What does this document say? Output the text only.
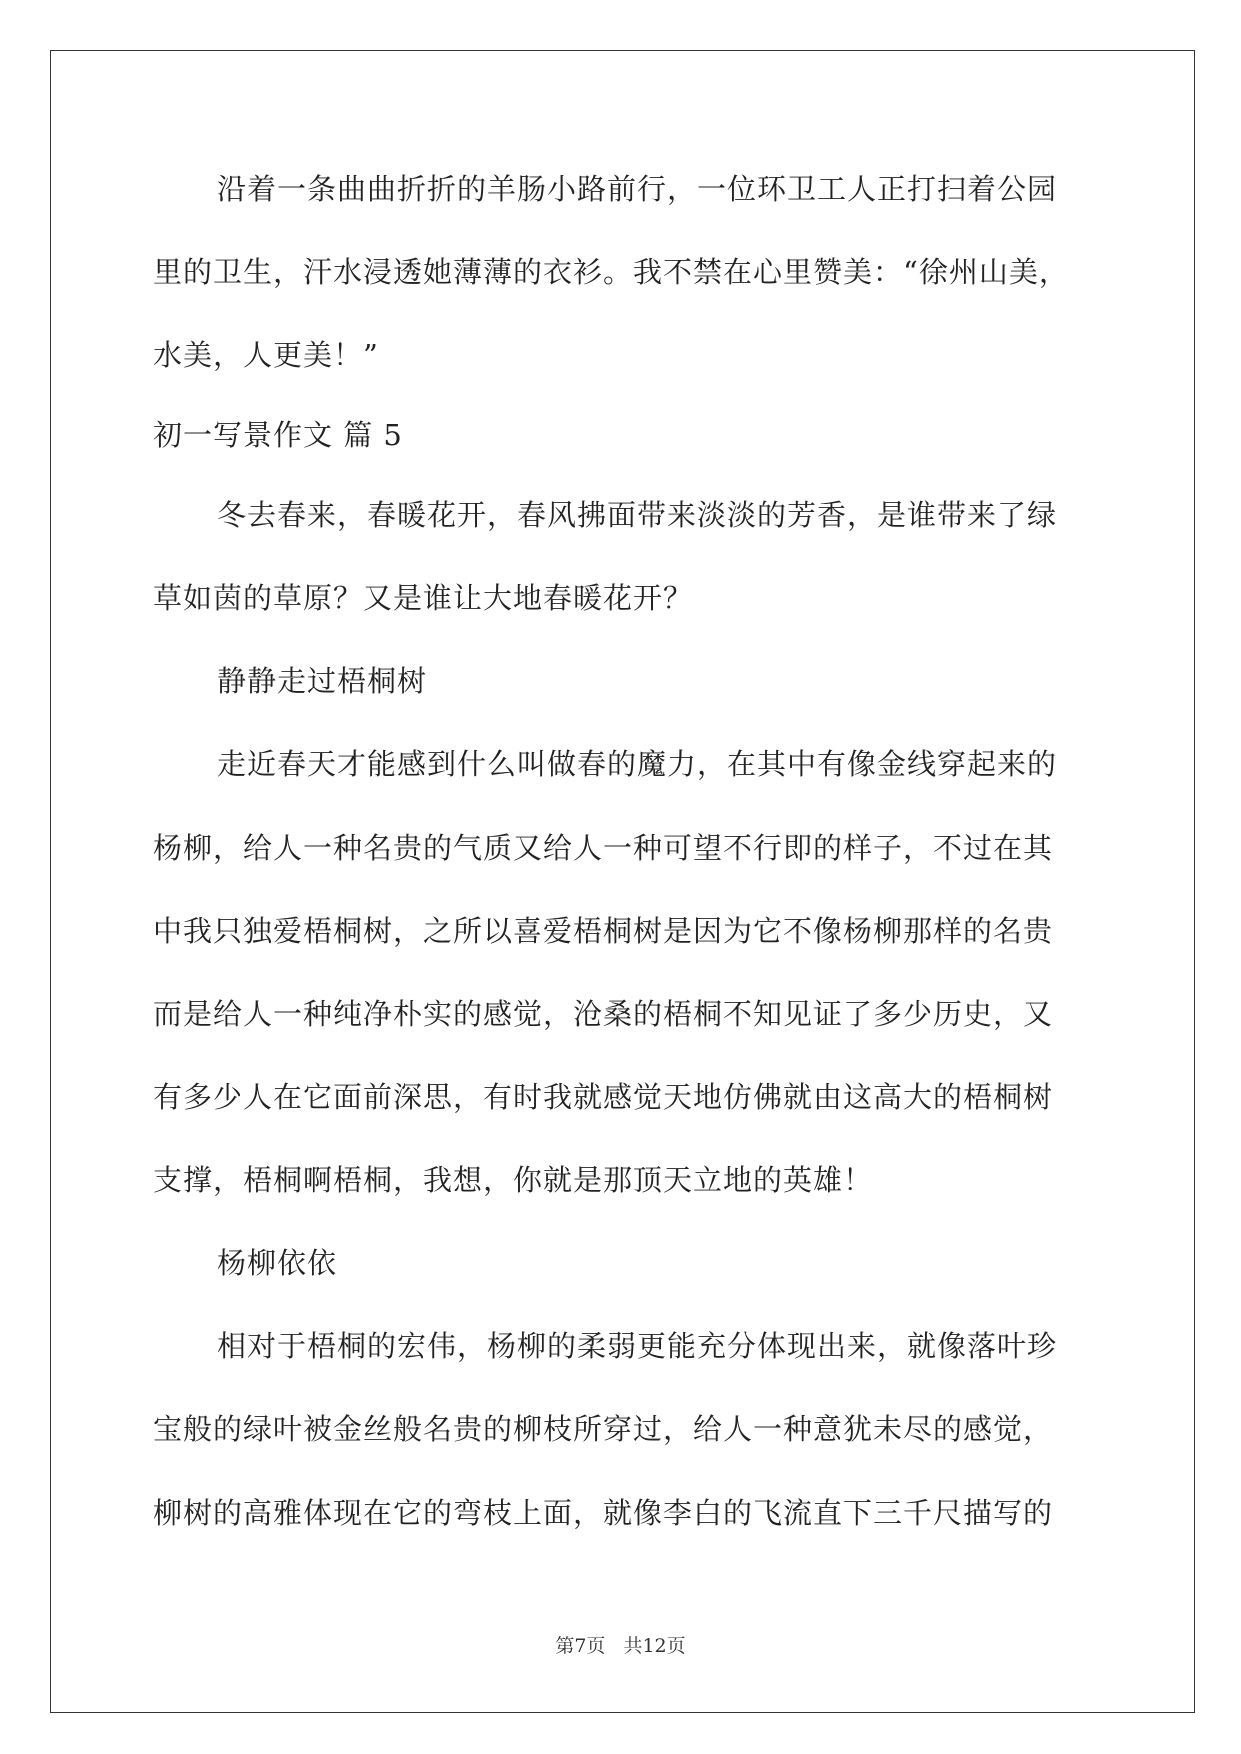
沿着一条曲曲折折的羊肠小路前行，一位环卫工人正打扫着公园
里的卫生，汗水浸透她薄薄的衣衫。我不禁在心里赞美：“徐州山美，
水美，人更美！”
初一写景作文 篇 5
冬去春来，春暖花开，春风拂面带来淡淡的芳香，是谁带来了绿
草如茵的草原？又是谁让大地春暖花开？
静静走过梧桐树
走近春天才能感到什么叫做春的魔力，在其中有像金线穿起来的
杨柳，给人一种名贵的气质又给人一种可望不行即的样子，不过在其
中我只独爱梧桐树，之所以喜爱梧桐树是因为它不像杨柳那样的名贵
而是给人一种纯净朴实的感觉，沧桑的梧桐不知见证了多少历史，又
有多少人在它面前深思，有时我就感觉天地仿佛就由这高大的梧桐树
支撑，梧桐啊梧桐，我想，你就是那顶天立地的英雄！
杨柳依依
相对于梧桐的宏伟，杨柳的柔弱更能充分体现出来，就像落叶珍
宝般的绿叶被金丝般名贵的柳枝所穿过，给人一种意犹未尽的感觉，
柳树的高雅体现在它的弯枝上面，就像李白的飞流直下三千尺描写的
第7页 共12页
